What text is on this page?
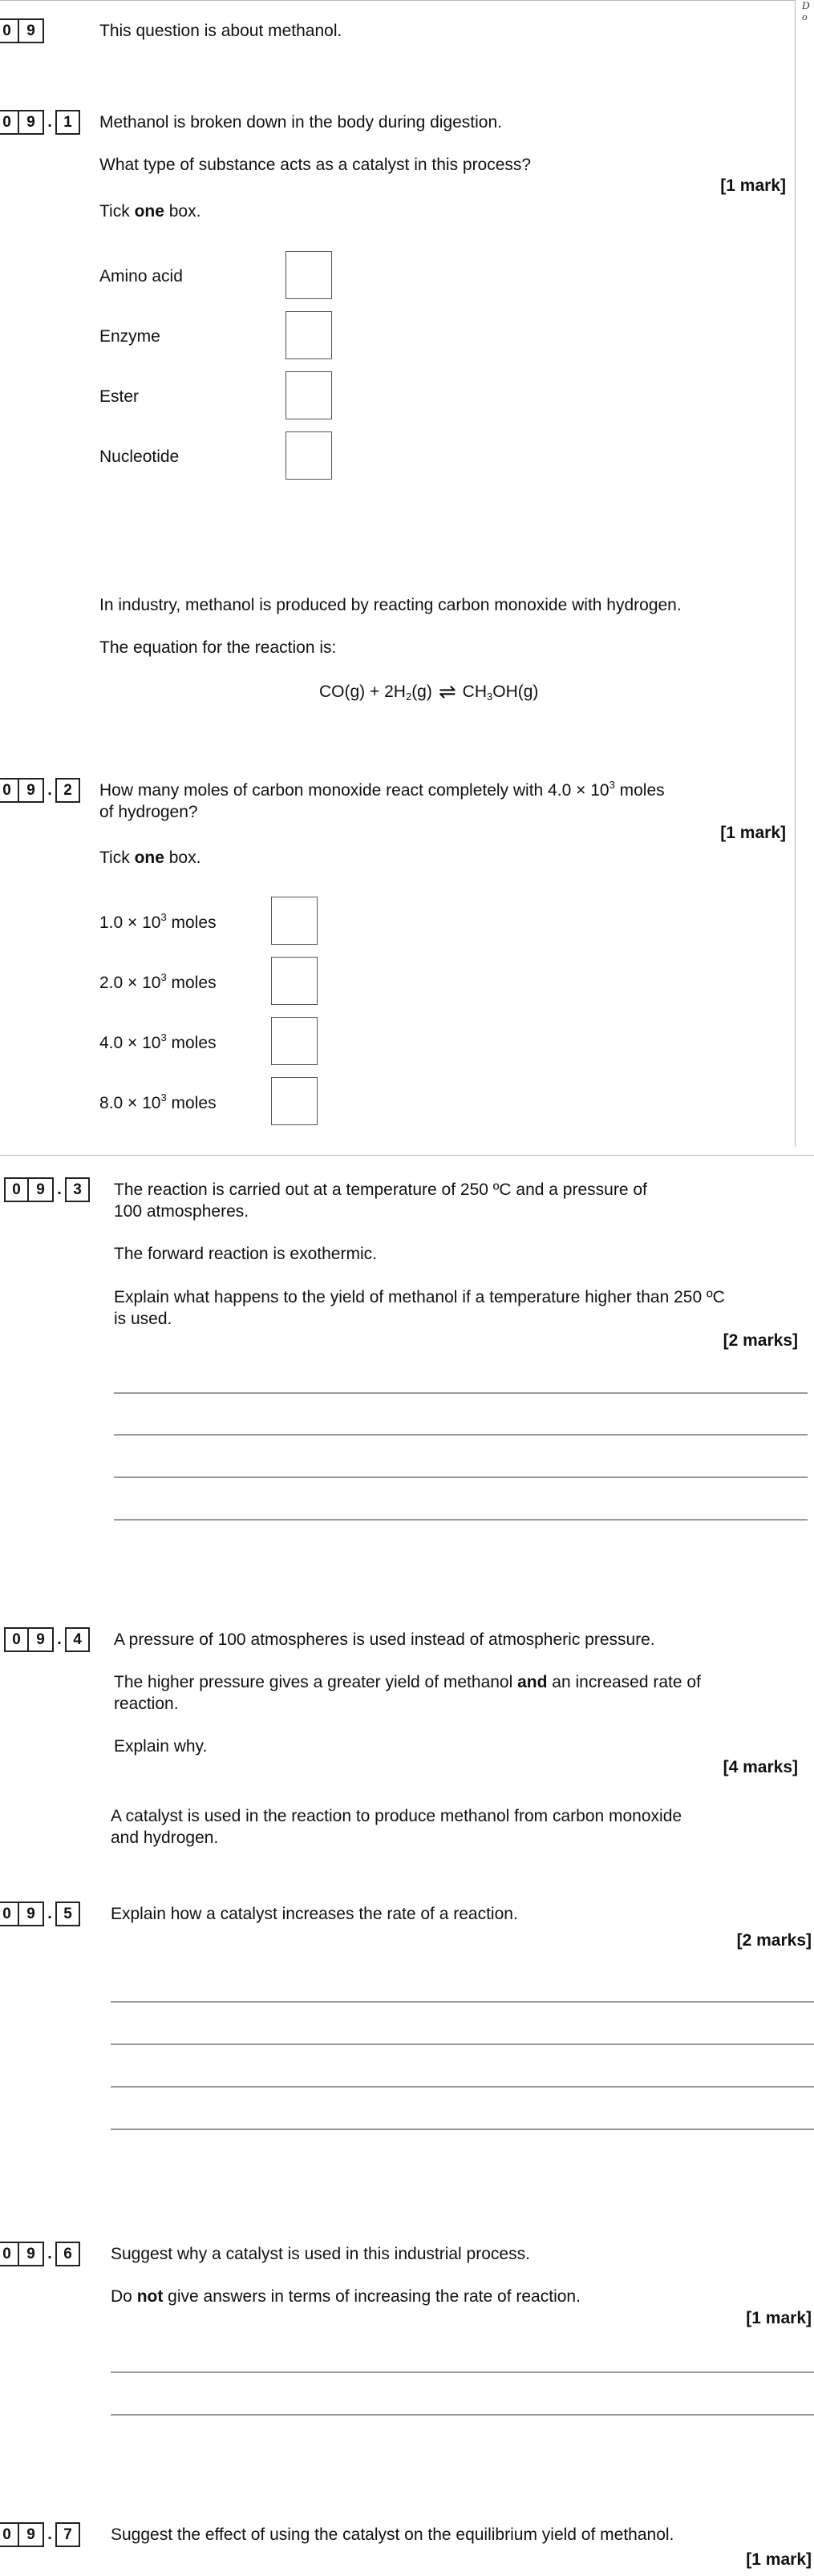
D
o
0	9	This question is about methanol.
0	9 . 1	Methanol is broken down in the body during digestion.
What type of substance acts as a catalyst in this process?
[1 mark]
Tick one box.
Amino acid
Enzyme
Ester
Nucleotide
In industry, methanol is produced by reacting carbon monoxide with hydrogen.
The equation for the reaction is:
$CO(g) + 2H_2(g)$ ⇌ $CH_3OH(g)$
0	9 . 2	How many moles of carbon monoxide react completely with $4.0 \times 10^3$ moles
of hydrogen?
[1 mark]
Tick one box.
$1.0 \times 10^3$ moles
$2.0 \times 10^3$ moles
$4.0 \times 10^3$ moles
$8.0 \times 10^3$ moles
0	9 . 3	The reaction is carried out at a temperature of 250 ºC and a pressure of
100 atmospheres.
The forward reaction is exothermic.
Explain what happens to the yield of methanol if a temperature higher than 250 ºC
is used.
[2 marks]
0	9 . 4	A pressure of 100 atmospheres is used instead of atmospheric pressure.
The higher pressure gives a greater yield of methanol and an increased rate of
reaction.
Explain why.
[4 marks]
A catalyst is used in the reaction to produce methanol from carbon monoxide
and hydrogen.
0	9 . 5	Explain how a catalyst increases the rate of a reaction.
[2 marks]
0	9 . 6	Suggest why a catalyst is used in this industrial process.
Do not give answers in terms of increasing the rate of reaction.
[1 mark]
0	9 . 7	Suggest the effect of using the catalyst on the equilibrium yield of methanol.
[1 mark]
